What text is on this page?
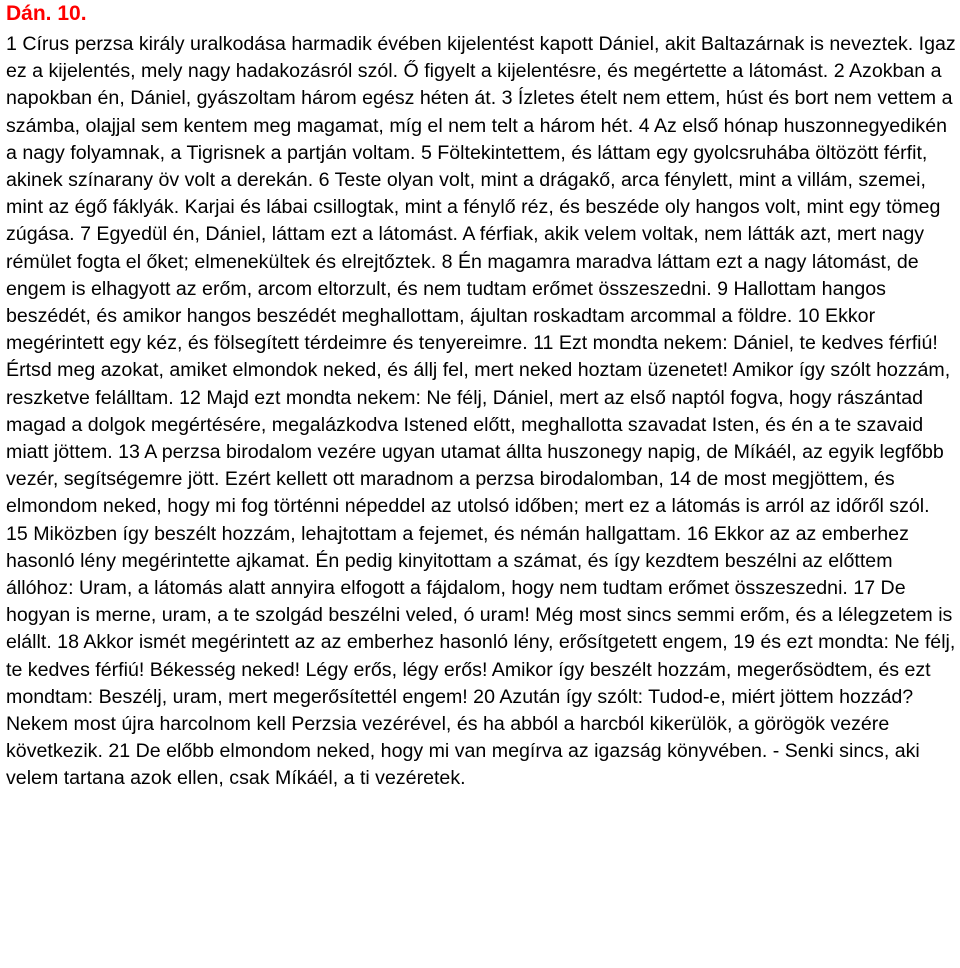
Dán. 10.

1 Círus perzsa király uralkodása harmadik évében kijelentést kapott Dániel, akit Baltazárnak is neveztek. Igaz ez a kijelentés, mely nagy hadakozásról szól. Ő figyelt a kijelentésre, és megértette a látomást. 2 Azokban a napokban én, Dániel, gyászoltam három egész héten át. 3 Ízletes ételt nem ettem, húst és bort nem vettem a számba, olajjal sem kentem meg magamat, míg el nem telt a három hét. 4 Az első hónap huszonnegyedikén a nagy folyamnak, a Tigrisnek a partján voltam. 5 Föltekintettem, és láttam egy gyolcsruhába öltözött férfit, akinek színarany öv volt a derekán. 6 Teste olyan volt, mint a drágakő, arca fénylett, mint a villám, szemei, mint az égő fáklyák. Karjai és lábai csillogtak, mint a fénylő réz, és beszéde oly hangos volt, mint egy tömeg zúgása. 7 Egyedül én, Dániel, láttam ezt a látomást. A férfiak, akik velem voltak, nem látták azt, mert nagy rémület fogta el őket; elmenekültek és elrejtőztek. 8 Én magamra maradva láttam ezt a nagy látomást, de engem is elhagyott az erőm, arcom eltorzult, és nem tudtam erőmet összeszedni. 9 Hallottam hangos beszédét, és amikor hangos beszédét meghallottam, ájultan roskadtam arcommal a földre. 10 Ekkor megérintett egy kéz, és fölsegített térdeimre és tenyereimre. 11 Ezt mondta nekem: Dániel, te kedves férfiú! Értsd meg azokat, amiket elmondok neked, és állj fel, mert neked hoztam üzenetet! Amikor így szólt hozzám, reszketve felálltam. 12 Majd ezt mondta nekem: Ne félj, Dániel, mert az első naptól fogva, hogy rászántad magad a dolgok megértésére, megalázkodva Istened előtt, meghallotta szavadat Isten, és én a te szavaid miatt jöttem. 13 A perzsa birodalom vezére ugyan utamat állta huszonegy napig, de Míkáél, az egyik legfőbb vezér, segítségemre jött. Ezért kellett ott maradnom a perzsa birodalomban, 14 de most megjöttem, és elmondom neked, hogy mi fog történni népeddel az utolsó időben; mert ez a látomás is arról az időről szól. 15 Miközben így beszélt hozzám, lehajtottam a fejemet, és némán hallgattam. 16 Ekkor az az emberhez hasonló lény megérintette ajkamat. Én pedig kinyitottam a számat, és így kezdtem beszélni az előttem állóhoz: Uram, a látomás alatt annyira elfogott a fájdalom, hogy nem tudtam erőmet összeszedni. 17 De hogyan is merne, uram, a te szolgád beszélni veled, ó uram! Még most sincs semmi erőm, és a lélegzetem is elállt. 18 Akkor ismét megérintett az az emberhez hasonló lény, erősítgetett engem, 19 és ezt mondta: Ne félj, te kedves férfiú! Békesség neked! Légy erős, légy erős! Amikor így beszélt hozzám, megerősödtem, és ezt mondtam: Beszélj, uram, mert megerősítettél engem! 20 Azután így szólt: Tudod-e, miért jöttem hozzád? Nekem most újra harcolnom kell Perzsia vezérével, és ha abból a harcból kikerülök, a görögök vezére következik. 21 De előbb elmondom neked, hogy mi van megírva az igazság könyvében. - Senki sincs, aki velem tartana azok ellen, csak Míkáél, a ti vezéretek.
